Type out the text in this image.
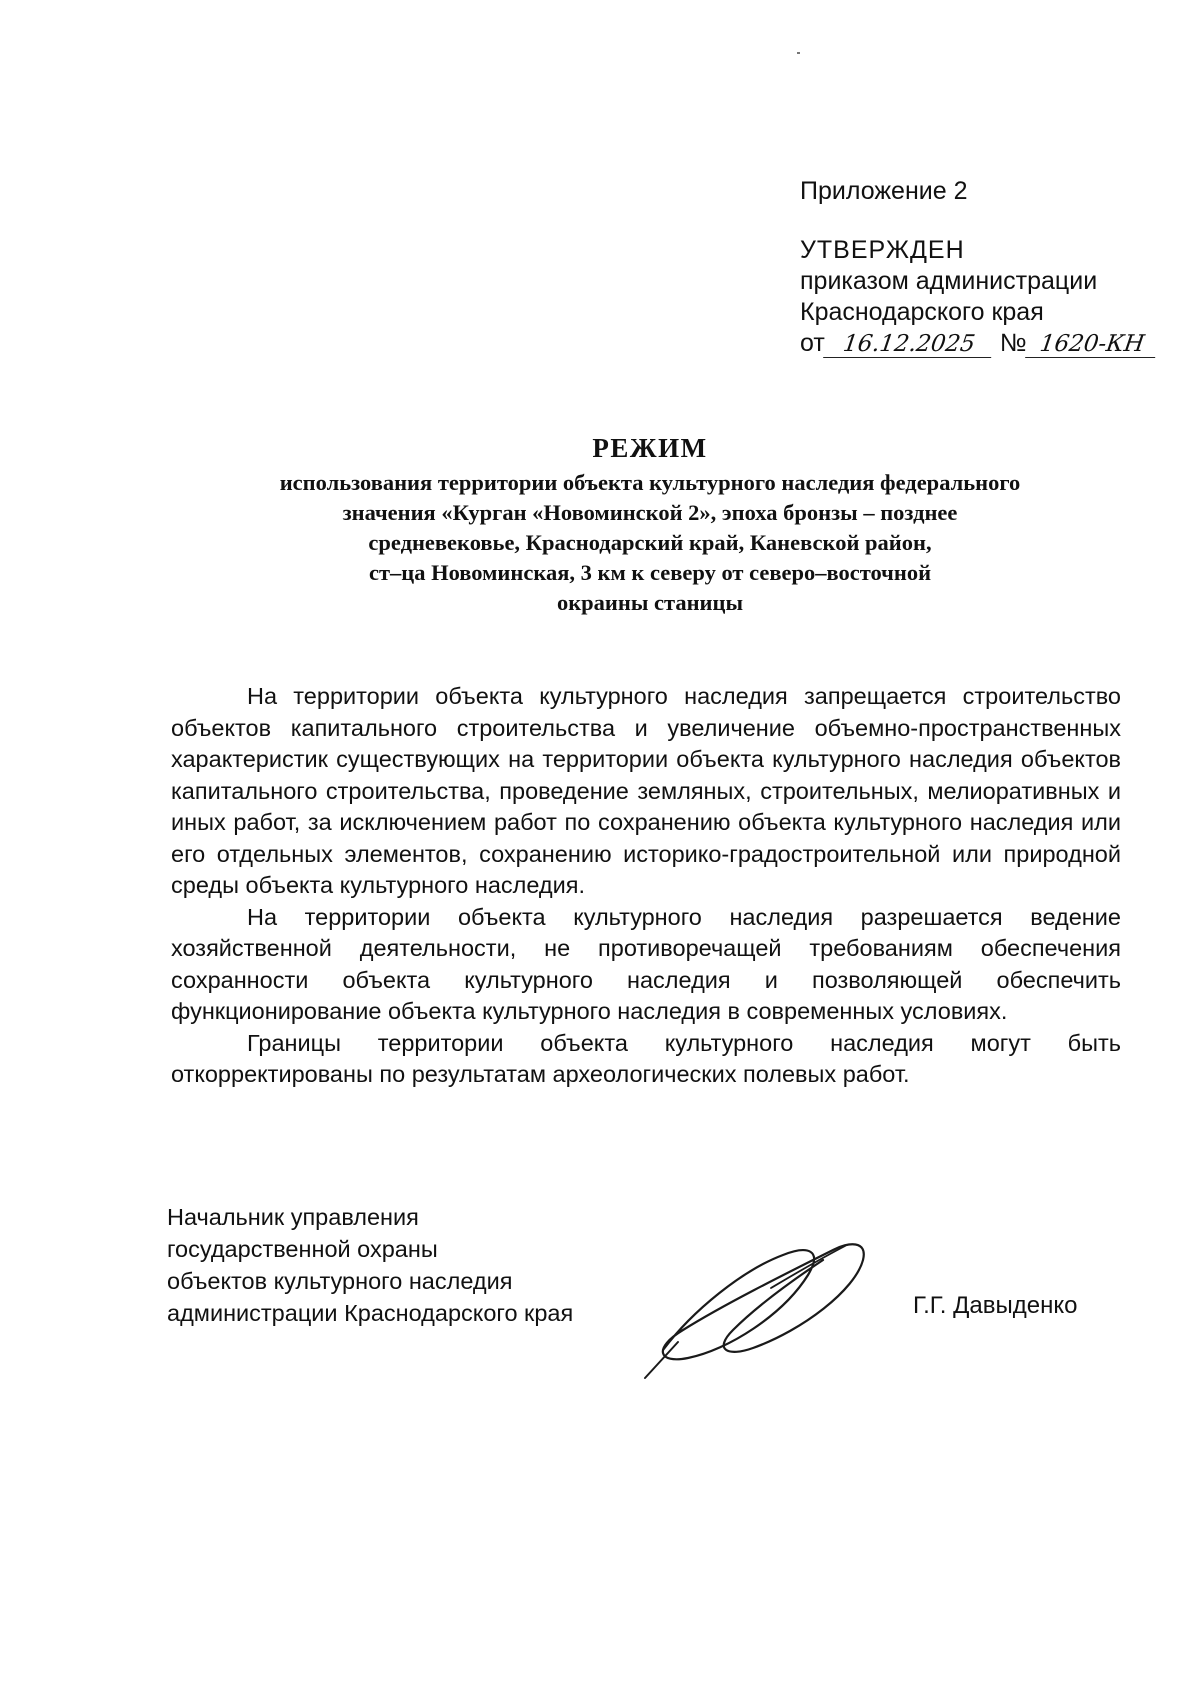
Приложение 2
УТВЕРЖДЕН
приказом администрации
Краснодарского края
от 16.12.2025 № 1620-КН
РЕЖИМ
использования территории объекта культурного наследия федерального
значения «Курган «Новоминской 2», эпоха бронзы – позднее
средневековье, Краснодарский край, Каневской район,
ст–ца Новоминская, 3 км к северу от северо–восточной
окраины станицы

На территории объекта культурного наследия запрещается строительство объектов капитального строительства и увеличение объемно-пространственных характеристик существующих на территории объекта культурного наследия объектов капитального строительства, проведение земляных, строительных, мелиоративных и иных работ, за исключением работ по сохранению объекта культурного наследия или его отдельных элементов, сохранению историко-градостроительной или природной среды объекта культурного наследия.

На территории объекта культурного наследия разрешается ведение хозяйственной деятельности, не противоречащей требованиям обеспечения сохранности объекта культурного наследия и позволяющей обеспечить функционирование объекта культурного наследия в современных условиях.

Границы территории объекта культурного наследия могут быть откорректированы по результатам археологических полевых работ.

Начальник управления
государственной охраны
объектов культурного наследия
администрации Краснодарского края	Г.Г. Давыденко
